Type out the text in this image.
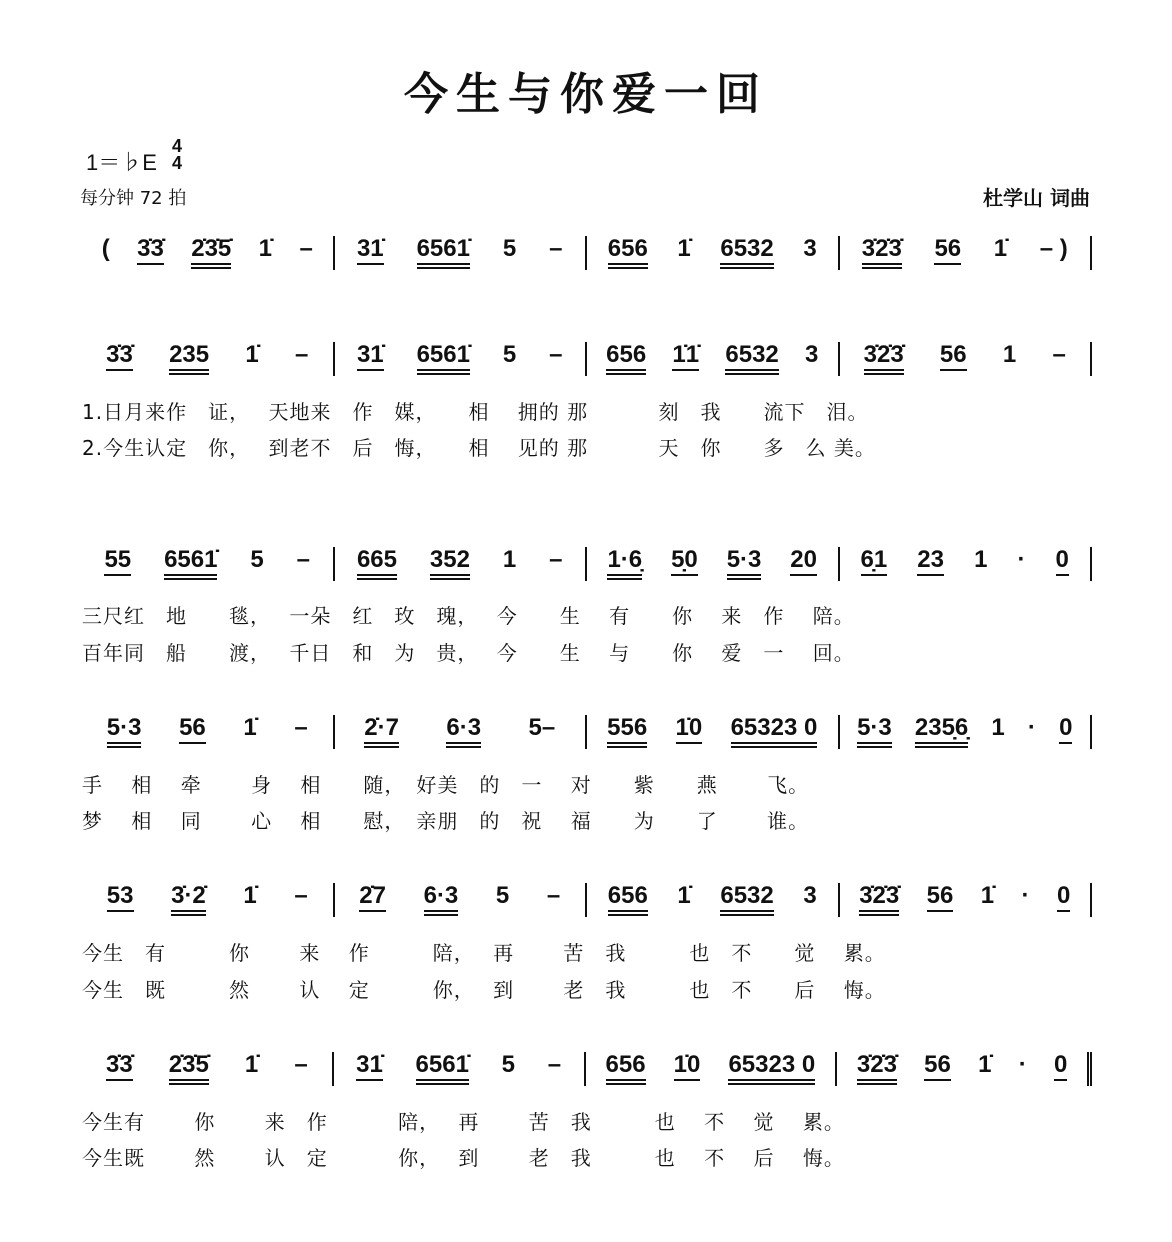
今生与你爱一回
1＝♭E
4
4
每分钟 72 拍	杜学山 词曲
( 3̇3̇ 2̇3̇5̇ 1̇ – 31̇ 6561̇ 5 – 656 1̇ 6532 3 3̇2̇3̇ 56 1̇ – )
3̇3̇ 235 1̇ – 31̇ 6561̇ 5 – 656 1̇1̇ 6532 3 3̇2̇3̇ 56 1 –
55 6561̇ 5 – 665 352 1 – 1·6̣ 5̣0 5·3 20 6̣1 23 1 · 0
5·3 56 1̇ – 2̇·7 6·3 5– 556 1̇0 65323 0 5·3 235̣6̣ 1 · 0
53 3̇·2̇ 1̇ – 2̇7 6·3 5 – 656 1̇ 6532 3 3̇2̇3̇ 56 1̇ · 0
3̇3̇ 2̇3̇5̇ 1̇ – 31̇ 6561̇ 5 – 656 1̇0 65323 0 3̇2̇3̇ 56 1̇ · 0
1.日月来作　证，　 天地来　作　媒，　　相　 拥的 那　　　 刻　我　　流下　泪。
2.今生认定　你，　 到老不　后　悔，　　相　 见的 那　　　 天　你　　多　么 美。
三尺红　地　　毯，　 一朵　红　玫　瑰，　 今　　生　 有　　你　 来　作　 陪。
百年同　船　　渡，　 千日　和　为　贵，　 今　　生　 与　　你　 爱　一　 回。
手　 相　 牵　　 身　 相　　随，　好美　的　一　 对　　紫　　燕　　 飞。
梦　 相　 同　　 心　 相　　慰，　亲朋　的　祝　 福　　为　　了　　 谁。
今生　有　　　你　　 来　 作　　　陪，　 再　　 苦　我　　　也　不　　觉　 累。
今生　既　　　然　　 认　 定　　　你，　 到　　 老　我　　　也　不　　后　 悔。
今生有　　 你　　 来　作　　　 陪，　 再　　 苦　我　　　也　 不　 觉　 累。
今生既　　 然　　 认　定　　　 你，　 到　　 老　我　　　也　 不　 后　 悔。
